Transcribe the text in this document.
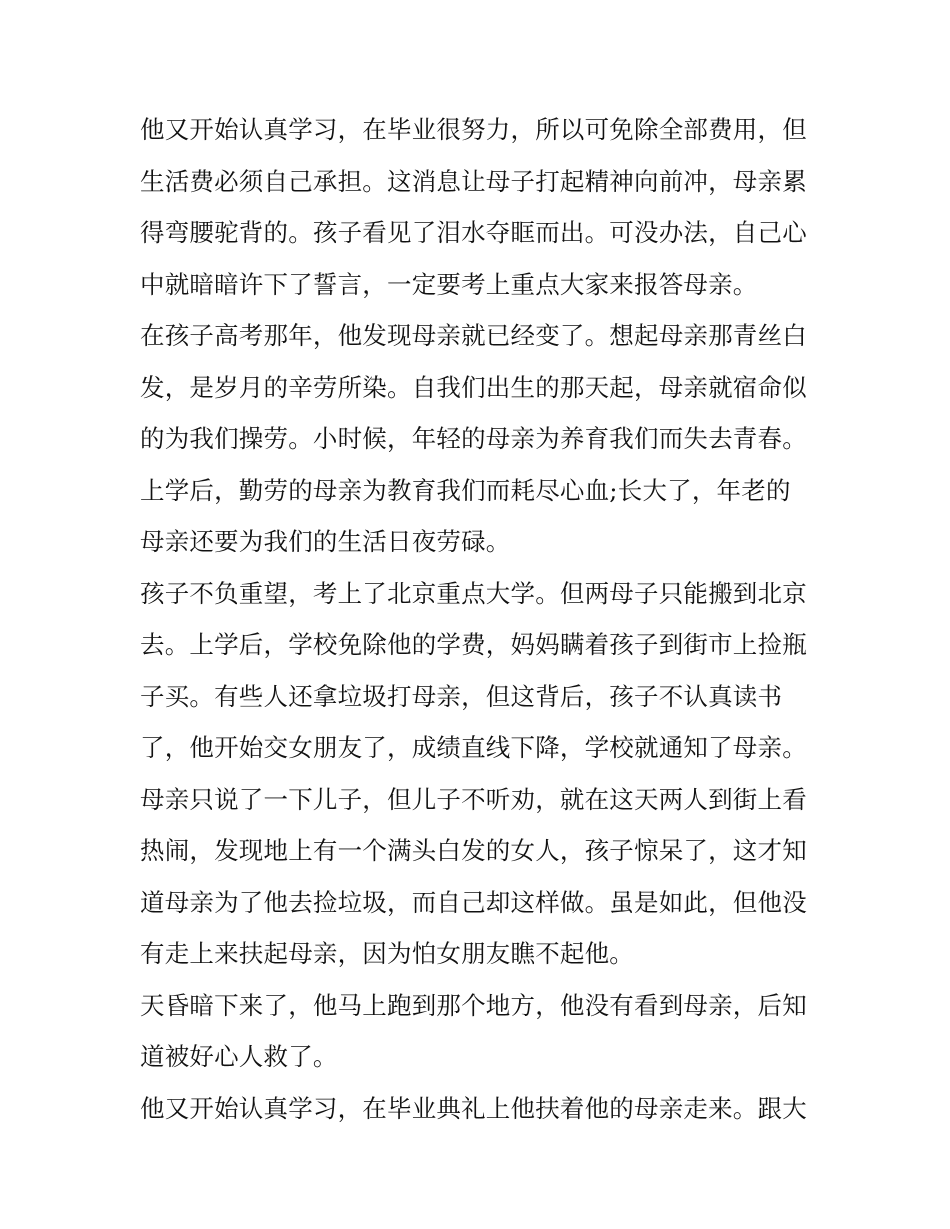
他又开始认真学习，在毕业很努力，所以可免除全部费用，但
生活费必须自己承担。这消息让母子打起精神向前冲，母亲累
得弯腰驼背的。孩子看见了泪水夺眶而出。可没办法，自己心
中就暗暗许下了誓言，一定要考上重点大家来报答母亲。
在孩子高考那年，他发现母亲就已经变了。想起母亲那青丝白
发，是岁月的辛劳所染。自我们出生的那天起，母亲就宿命似
的为我们操劳。小时候，年轻的母亲为养育我们而失去青春。
上学后，勤劳的母亲为教育我们而耗尽心血;长大了，年老的
母亲还要为我们的生活日夜劳碌。
孩子不负重望，考上了北京重点大学。但两母子只能搬到北京
去。上学后，学校免除他的学费，妈妈瞒着孩子到街市上捡瓶
子买。有些人还拿垃圾打母亲，但这背后，孩子不认真读书
了，他开始交女朋友了，成绩直线下降，学校就通知了母亲。
母亲只说了一下儿子，但儿子不听劝，就在这天两人到街上看
热闹，发现地上有一个满头白发的女人，孩子惊呆了，这才知
道母亲为了他去捡垃圾，而自己却这样做。虽是如此，但他没
有走上来扶起母亲，因为怕女朋友瞧不起他。
天昏暗下来了，他马上跑到那个地方，他没有看到母亲，后知
道被好心人救了。
他又开始认真学习，在毕业典礼上他扶着他的母亲走来。跟大
